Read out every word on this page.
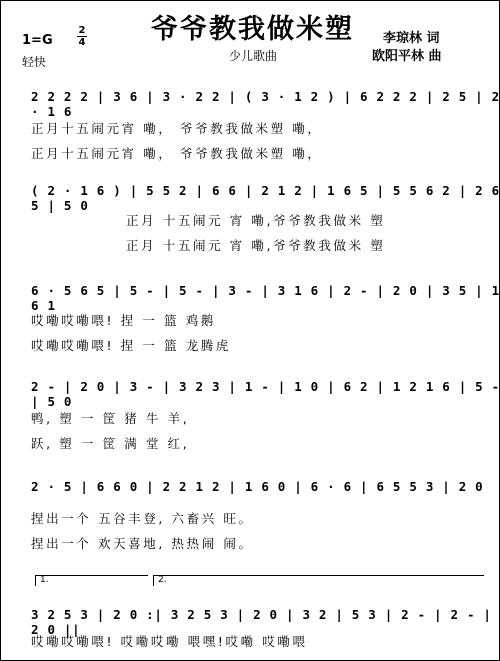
爷爷教我做米塑
$1=G \frac{2}{4}$
轻快	少儿歌曲
李琼林 词
欧阳平林 曲
2 2 2 2 | 3 6 | 3 · 2 2 | ( 3 · 1 2 ) | 6 2 2 2 | 2 5 | 2 · 1 6
正月十五闹元宵 嘞， 爷爷教我做米塑 嘞，
正月十五闹元宵 嘞， 爷爷教我做米塑 嘞，
( 2 · 1 6 ) | 5 5 2 | 6 6 | 2 1 2 | 1 6 5 | 5 5 6 2 | 2 6 5 | 5 0
正月 十五闹元 宵 嘞,爷爷教我做米 塑
正月 十五闹元 宵 嘞,爷爷教我做米 塑
6 · 5 6 5 | 5 - | 5 - | 3 - | 3 1 6 | 2 - | 2 0 | 3 5 | 1 6 1
哎嘞哎嘞喂! 捏 一 篮 鸡鹅
哎嘞哎嘞喂! 捏 一 篮 龙腾虎
2 - | 2 0 | 3 - | 3 2 3 | 1 - | 1 0 | 6 2 | 1 2 1 6 | 5 - | 5 0
鸭, 塑 一 筐 猪 牛 羊,
跃, 塑 一 筐 满 堂 红,
2 · 5 | 6 6 0 | 2 2 1 2 | 1 6 0 | 6 · 6 | 6 5 5 3 | 2 0
捏出一个 五谷丰登, 六畜兴 旺。
捏出一个 欢天喜地, 热热闹 闹。
1.	2.
3 2 5 3 | 2 0 :| 3 2 5 3 | 2 0 | 3 2 | 5 3 | 2 - | 2 - | 2 0 ||
哎嘞哎嘞喂! 哎嘞哎嘞 喂嘿!哎嘞 哎嘞喂
